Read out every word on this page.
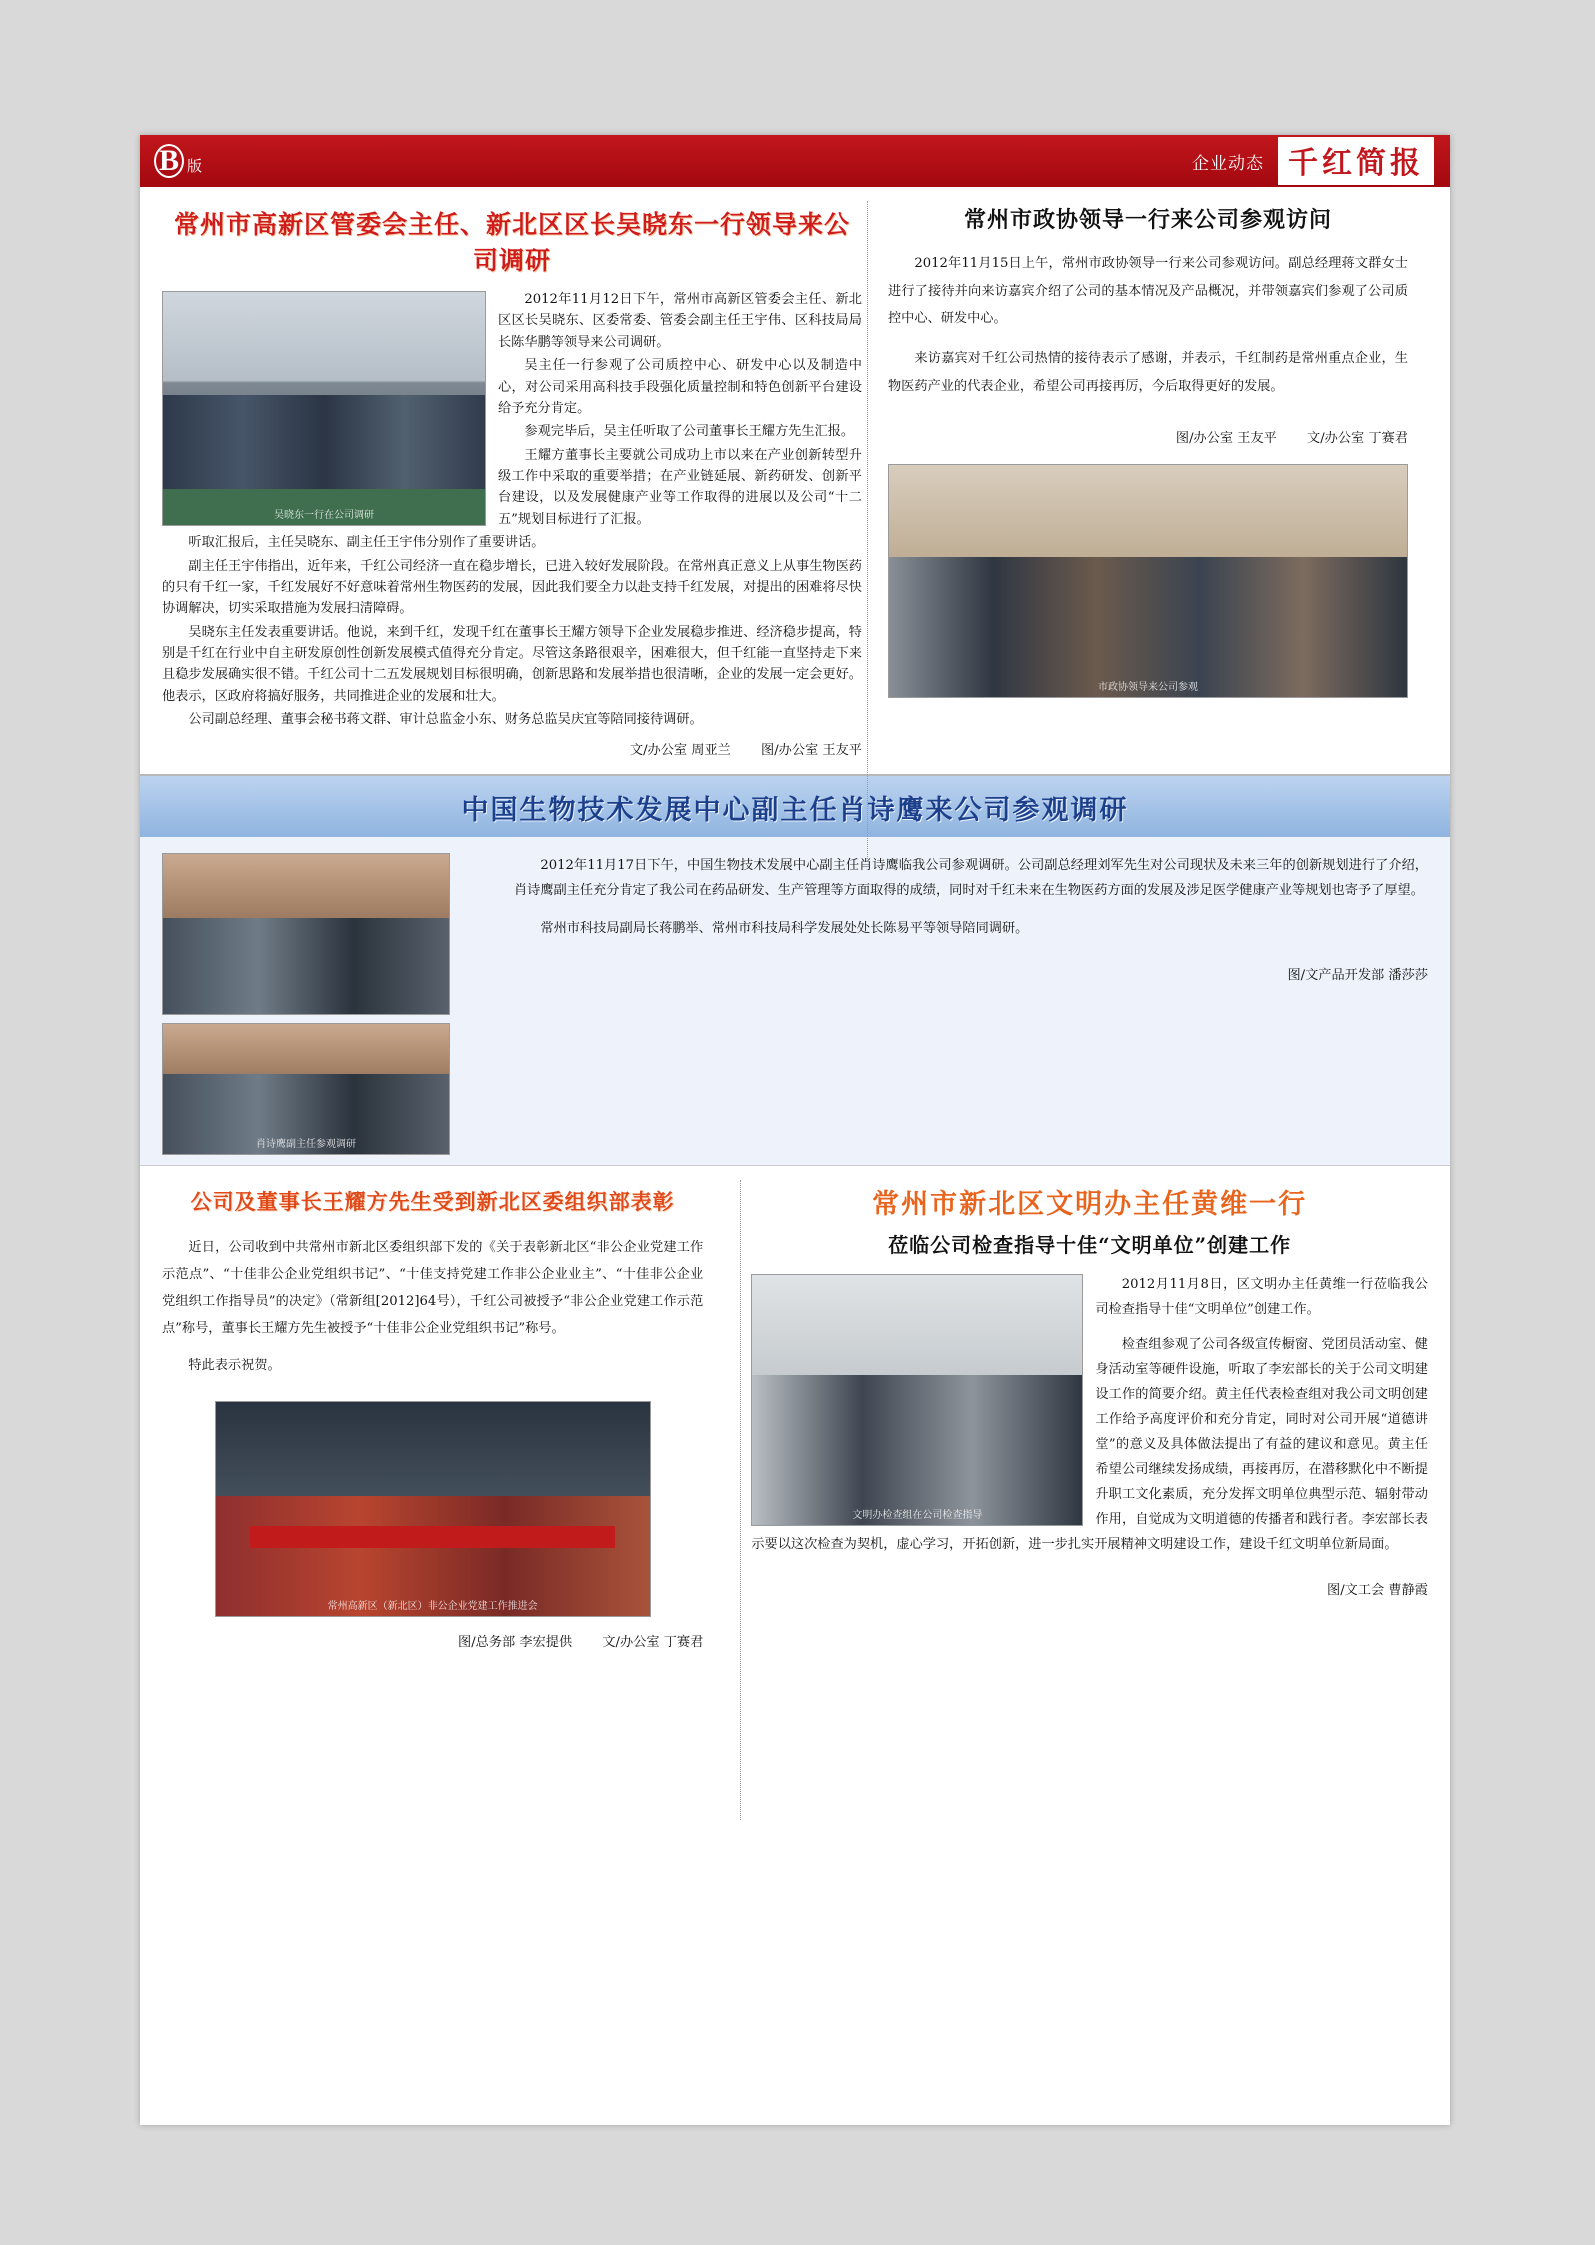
B 版	企业动态 千红简报
常州市高新区管委会主任、新北区区长吴晓东一行领导来公司调研
吴晓东一行在公司调研

2012年11月12日下午，常州市高新区管委会主任、新北区区长吴晓东、区委常委、管委会副主任王宇伟、区科技局局长陈华鹏等领导来公司调研。

吴主任一行参观了公司质控中心、研发中心以及制造中心，对公司采用高科技手段强化质量控制和特色创新平台建设给予充分肯定。

参观完毕后，吴主任听取了公司董事长王耀方先生汇报。

王耀方董事长主要就公司成功上市以来在产业创新转型升级工作中采取的重要举措；在产业链延展、新药研发、创新平台建设，以及发展健康产业等工作取得的进展以及公司“十二五”规划目标进行了汇报。

听取汇报后，主任吴晓东、副主任王宇伟分别作了重要讲话。

副主任王宇伟指出，近年来，千红公司经济一直在稳步增长，已进入较好发展阶段。在常州真正意义上从事生物医药的只有千红一家，千红发展好不好意味着常州生物医药的发展，因此我们要全力以赴支持千红发展，对提出的困难将尽快协调解决，切实采取措施为发展扫清障碍。

吴晓东主任发表重要讲话。他说，来到千红，发现千红在董事长王耀方领导下企业发展稳步推进、经济稳步提高，特别是千红在行业中自主研发原创性创新发展模式值得充分肯定。尽管这条路很艰辛，困难很大，但千红能一直坚持走下来且稳步发展确实很不错。千红公司十二五发展规划目标很明确，创新思路和发展举措也很清晰，企业的发展一定会更好。他表示，区政府将搞好服务，共同推进企业的发展和壮大。

公司副总经理、董事会秘书蒋文群、审计总监金小东、财务总监吴庆宜等陪同接待调研。

文/办公室 周亚兰 图/办公室 王友平
常州市政协领导一行来公司参观访问

2012年11月15日上午，常州市政协领导一行来公司参观访问。副总经理蒋文群女士进行了接待并向来访嘉宾介绍了公司的基本情况及产品概况，并带领嘉宾们参观了公司质控中心、研发中心。

来访嘉宾对千红公司热情的接待表示了感谢，并表示，千红制药是常州重点企业，生物医药产业的代表企业，希望公司再接再厉，今后取得更好的发展。

图/办公室 王友平 文/办公室 丁赛君
市政协领导来公司参观
中国生物技术发展中心副主任肖诗鹰来公司参观调研
肖诗鹰副主任参观调研

2012年11月17日下午，中国生物技术发展中心副主任肖诗鹰临我公司参观调研。公司副总经理刘军先生对公司现状及未来三年的创新规划进行了介绍，肖诗鹰副主任充分肯定了我公司在药品研发、生产管理等方面取得的成绩，同时对千红未来在生物医药方面的发展及涉足医学健康产业等规划也寄予了厚望。

常州市科技局副局长蒋鹏举、常州市科技局科学发展处处长陈易平等领导陪同调研。

图/文产品开发部 潘莎莎
公司及董事长王耀方先生受到新北区委组织部表彰

近日，公司收到中共常州市新北区委组织部下发的《关于表彰新北区“非公企业党建工作示范点”、“十佳非公企业党组织书记”、“十佳支持党建工作非公企业业主”、“十佳非公企业党组织工作指导员”的决定》（常新组[2012]64号），千红公司被授予“非公企业党建工作示范点”称号，董事长王耀方先生被授予“十佳非公企业党组织书记”称号。

特此表示祝贺。

常州高新区（新北区）非公企业党建工作推进会
图/总务部 李宏提供 文/办公室 丁赛君
常州市新北区文明办主任黄维一行
莅临公司检查指导十佳“文明单位”创建工作
文明办检查组在公司检查指导

2012月11月8日，区文明办主任黄维一行莅临我公司检查指导十佳“文明单位”创建工作。

检查组参观了公司各级宣传橱窗、党团员活动室、健身活动室等硬件设施，听取了李宏部长的关于公司文明建设工作的简要介绍。黄主任代表检查组对我公司文明创建工作给予高度评价和充分肯定，同时对公司开展“道德讲堂”的意义及具体做法提出了有益的建议和意见。黄主任希望公司继续发扬成绩，再接再厉，在潜移默化中不断提升职工文化素质，充分发挥文明单位典型示范、辐射带动作用，自觉成为文明道德的传播者和践行者。李宏部长表示要以这次检查为契机，虚心学习，开拓创新，进一步扎实开展精神文明建设工作，建设千红文明单位新局面。

图/文工会 曹静霞
